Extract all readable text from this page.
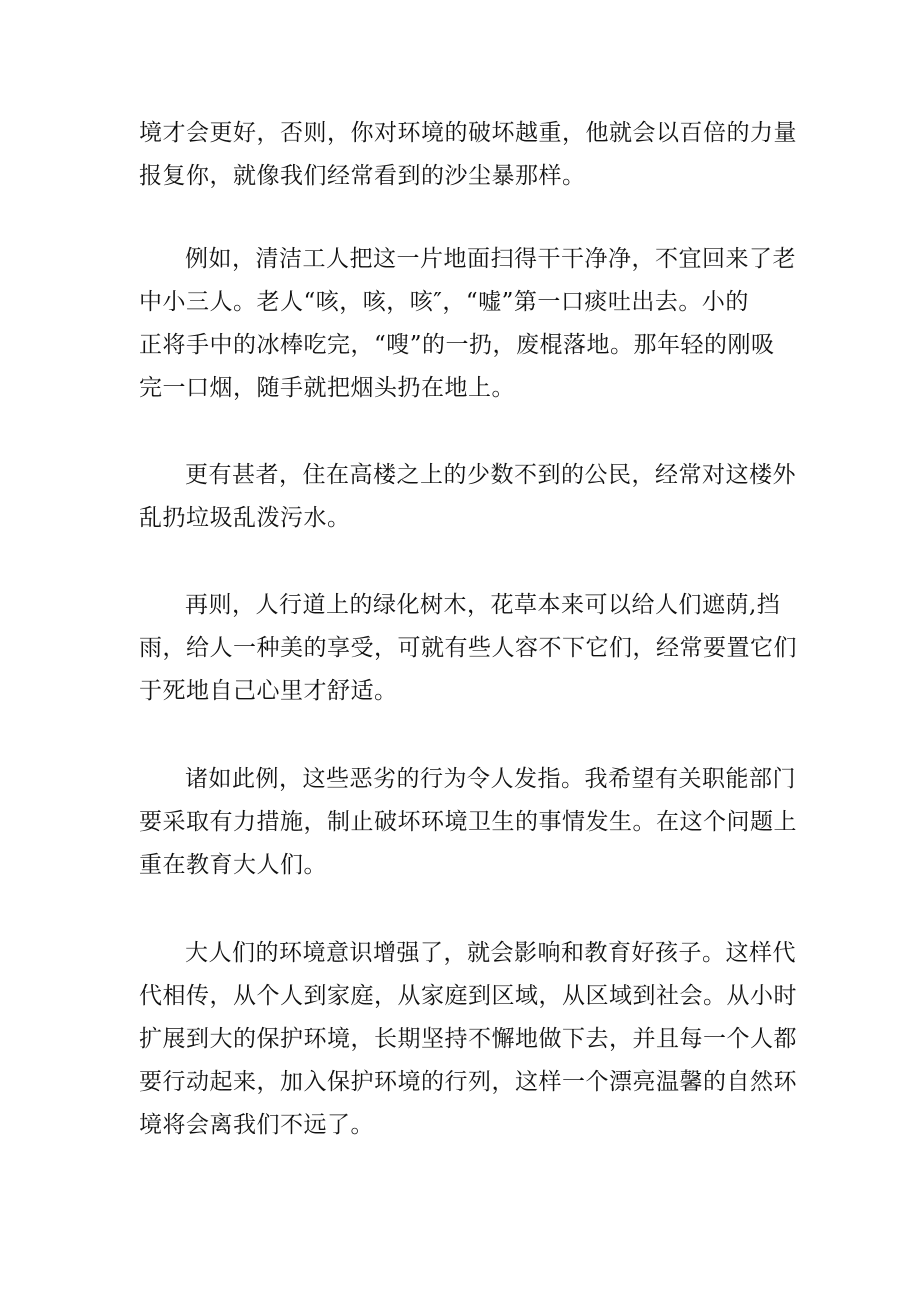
境才会更好，否则，你对环境的破坏越重，他就会以百倍的力量
报复你，就像我们经常看到的沙尘暴那样。

例如，清洁工人把这一片地面扫得干干净净，不宜回来了老
中小三人。老人“咳，咳，咳″，“嘘”第一口痰吐出去。小的
正将手中的冰棒吃完，“嗖”的一扔，废棍落地。那年轻的刚吸
完一口烟，随手就把烟头扔在地上。

更有甚者，住在高楼之上的少数不到的公民，经常对这楼外
乱扔垃圾乱泼污水。

再则，人行道上的绿化树木，花草本来可以给人们遮荫,挡
雨，给人一种美的享受，可就有些人容不下它们，经常要置它们
于死地自己心里才舒适。

诸如此例，这些恶劣的行为令人发指。我希望有关职能部门
要采取有力措施，制止破坏环境卫生的事情发生。在这个问题上
重在教育大人们。

大人们的环境意识增强了，就会影响和教育好孩子。这样代
代相传，从个人到家庭，从家庭到区域，从区域到社会。从小时
扩展到大的保护环境，长期坚持不懈地做下去，并且每一个人都
要行动起来，加入保护环境的行列，这样一个漂亮温馨的自然环
境将会离我们不远了。
